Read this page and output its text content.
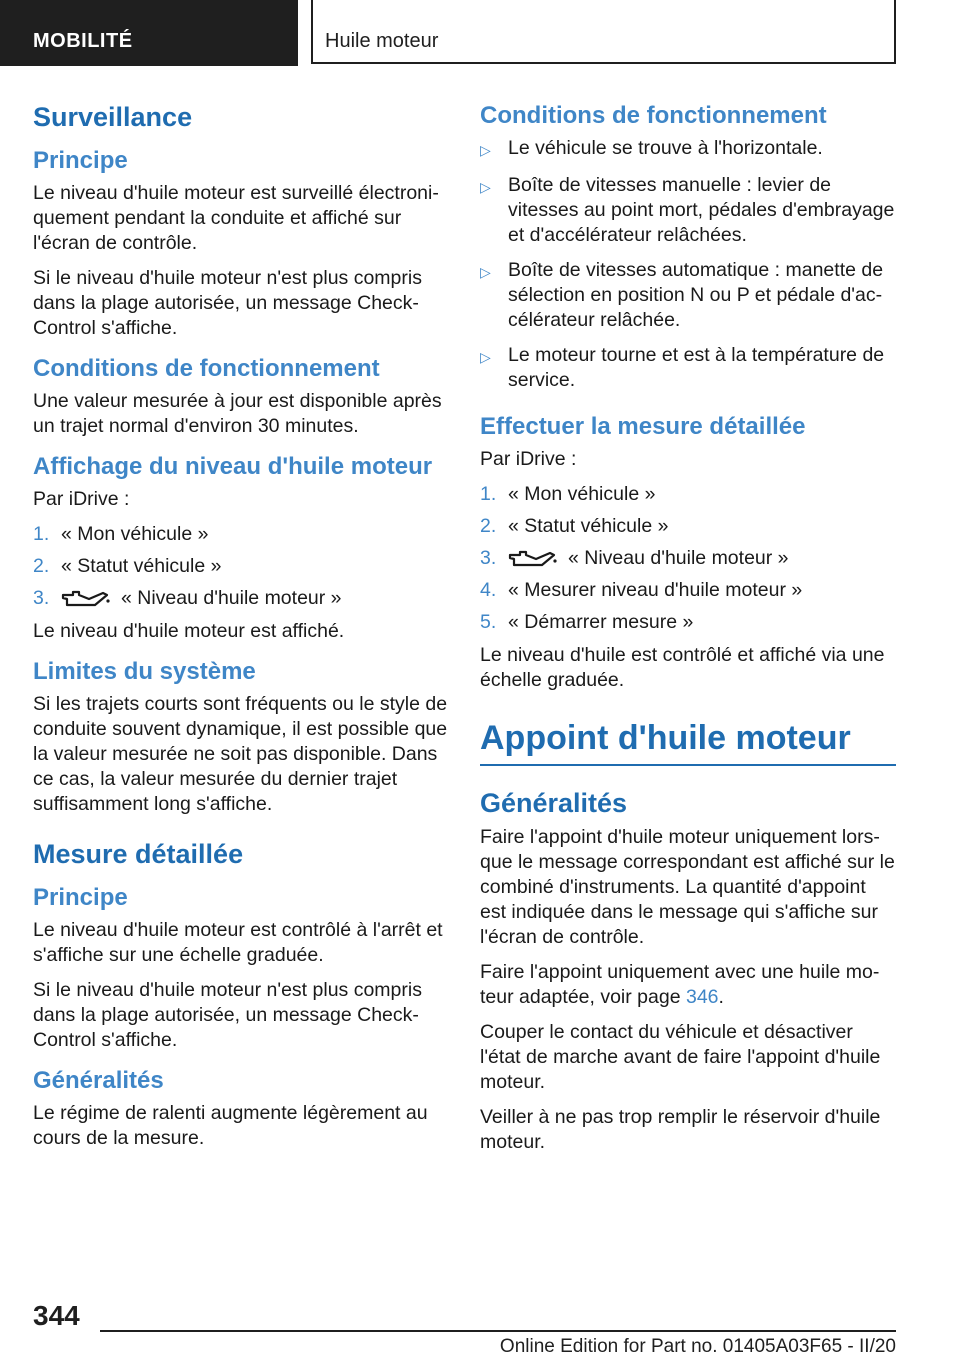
MOBILITÉ	Huile moteur
Surveillance
Principe

Le niveau d'huile moteur est surveillé électroniquement pendant la conduite et affiché sur l'écran de contrôle.

Si le niveau d'huile moteur n'est plus compris dans la plage autorisée, un message Check-Control s'affiche.

Conditions de fonctionnement

Une valeur mesurée à jour est disponible après un trajet normal d'environ 30 minutes.

Affichage du niveau d'huile moteur

Par iDrive :

1. « Mon véhicule »
2. « Statut véhicule »
3.	« Niveau d'huile moteur »

Le niveau d'huile moteur est affiché.

Limites du système

Si les trajets courts sont fréquents ou le style de conduite souvent dynamique, il est possible que la valeur mesurée ne soit pas disponible. Dans ce cas, la valeur mesurée du dernier trajet suffisamment long s'affiche.

Mesure détaillée
Principe

Le niveau d'huile moteur est contrôlé à l'arrêt et s'affiche sur une échelle graduée.

Si le niveau d'huile moteur n'est plus compris dans la plage autorisée, un message Check-Control s'affiche.

Généralités

Le régime de ralenti augmente légèrement au cours de la mesure.

Conditions de fonctionnement
▷ Le véhicule se trouve à l'horizontale.
▷ Boîte de vitesses manuelle : levier de vitesses au point mort, pédales d'embrayage et d'accélérateur relâchées.
▷ Boîte de vitesses automatique : manette de sélection en position N ou P et pédale d'accélérateur relâchée.
▷ Le moteur tourne et est à la température de service.
Effectuer la mesure détaillée

Par iDrive :

1. « Mon véhicule »
2. « Statut véhicule »
3.	« Niveau d'huile moteur »
4. « Mesurer niveau d'huile moteur »
5. « Démarrer mesure »

Le niveau d'huile est contrôlé et affiché via une échelle graduée.

Appoint d'huile moteur
Généralités

Faire l'appoint d'huile moteur uniquement lorsque le message correspondant est affiché sur le combiné d'instruments. La quantité d'appoint est indiquée dans le message qui s'affiche sur l'écran de contrôle.

Faire l'appoint uniquement avec une huile moteur adaptée, voir page 346.

Couper le contact du véhicule et désactiver l'état de marche avant de faire l'appoint d'huile moteur.

Veiller à ne pas trop remplir le réservoir d'huile moteur.

344
Online Edition for Part no. 01405A03F65 - II/20
